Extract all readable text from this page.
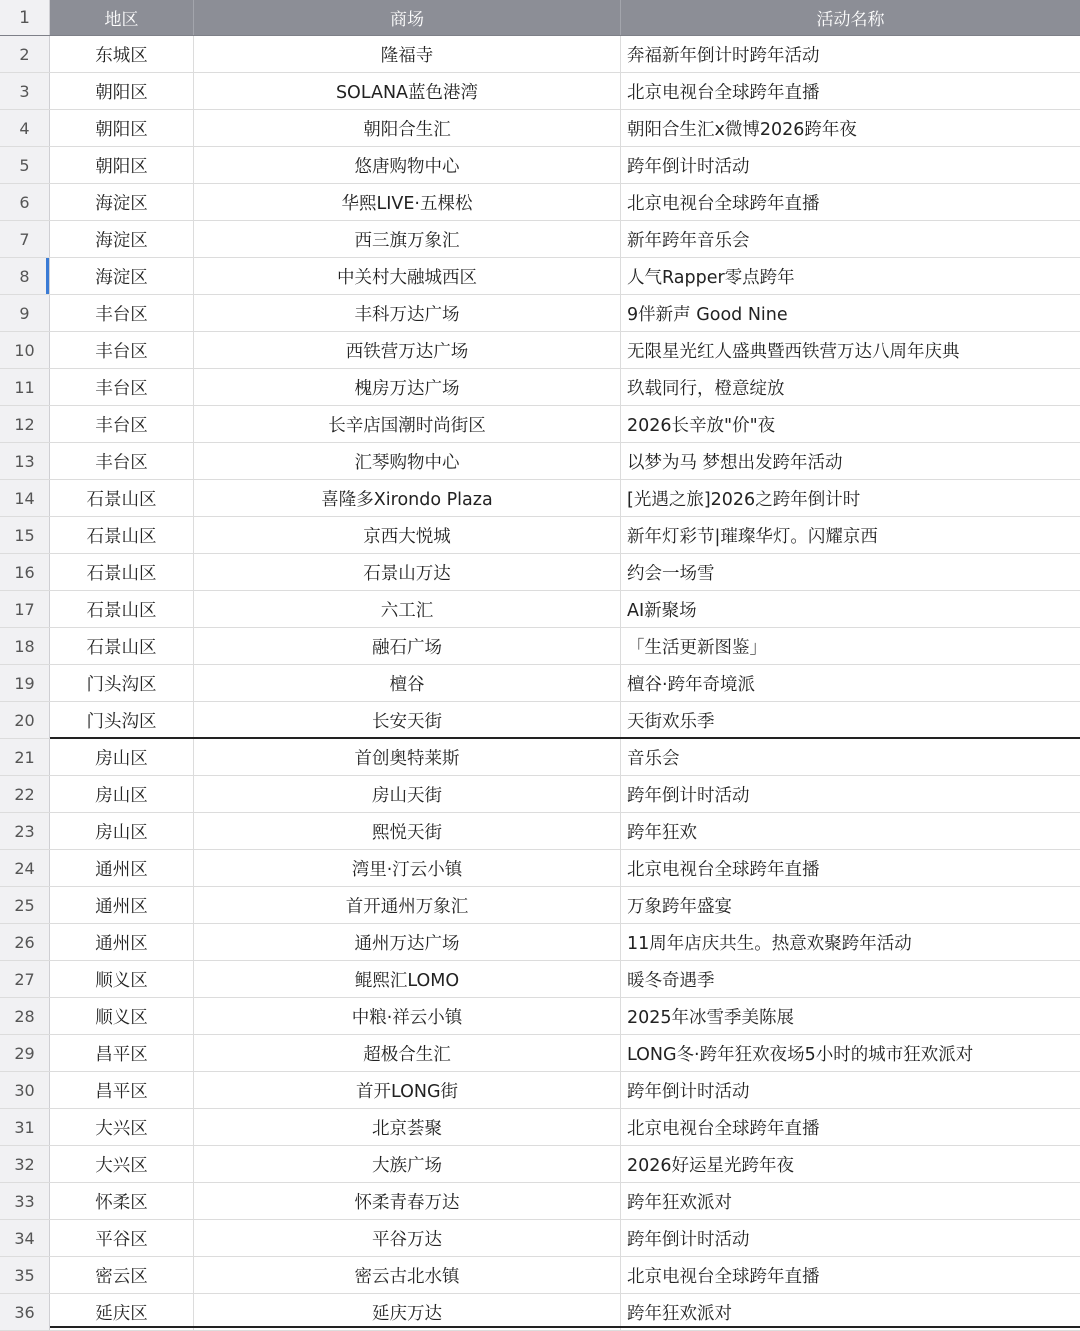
1	地区	商场	活动名称
2	东城区	隆福寺	奔福新年倒计时跨年活动
3	朝阳区	SOLANA蓝色港湾	北京电视台全球跨年直播
4	朝阳区	朝阳合生汇	朝阳合生汇x微博2026跨年夜
5	朝阳区	悠唐购物中心	跨年倒计时活动
6	海淀区	华熙LIVE·五棵松	北京电视台全球跨年直播
7	海淀区	西三旗万象汇	新年跨年音乐会
8	海淀区	中关村大融城西区	人气Rapper零点跨年
9	丰台区	丰科万达广场	9伴新声 Good Nine
10	丰台区	西铁营万达广场	无限星光红人盛典暨西铁营万达八周年庆典
11	丰台区	槐房万达广场	玖载同行，橙意绽放
12	丰台区	长辛店国潮时尚街区	2026长辛放"价"夜
13	丰台区	汇琴购物中心	以梦为马 梦想出发跨年活动
14	石景山区	喜隆多Xirondo Plaza	[光遇之旅]2026之跨年倒计时
15	石景山区	京西大悦城	新年灯彩节|璀璨华灯。闪耀京西
16	石景山区	石景山万达	约会一场雪
17	石景山区	六工汇	AI新聚场
18	石景山区	融石广场	「生活更新图鉴」
19	门头沟区	檀谷	檀谷·跨年奇境派
20	门头沟区	长安天街	天街欢乐季
21	房山区	首创奥特莱斯	音乐会
22	房山区	房山天街	跨年倒计时活动
23	房山区	熙悦天街	跨年狂欢
24	通州区	湾里·汀云小镇	北京电视台全球跨年直播
25	通州区	首开通州万象汇	万象跨年盛宴
26	通州区	通州万达广场	11周年店庆共生。热意欢聚跨年活动
27	顺义区	鲲熙汇LOMO	暖冬奇遇季
28	顺义区	中粮·祥云小镇	2025年冰雪季美陈展
29	昌平区	超极合生汇	LONG冬·跨年狂欢夜场5小时的城市狂欢派对
30	昌平区	首开LONG街	跨年倒计时活动
31	大兴区	北京荟聚	北京电视台全球跨年直播
32	大兴区	大族广场	2026好运星光跨年夜
33	怀柔区	怀柔青春万达	跨年狂欢派对
34	平谷区	平谷万达	跨年倒计时活动
35	密云区	密云古北水镇	北京电视台全球跨年直播
36	延庆区	延庆万达	跨年狂欢派对
